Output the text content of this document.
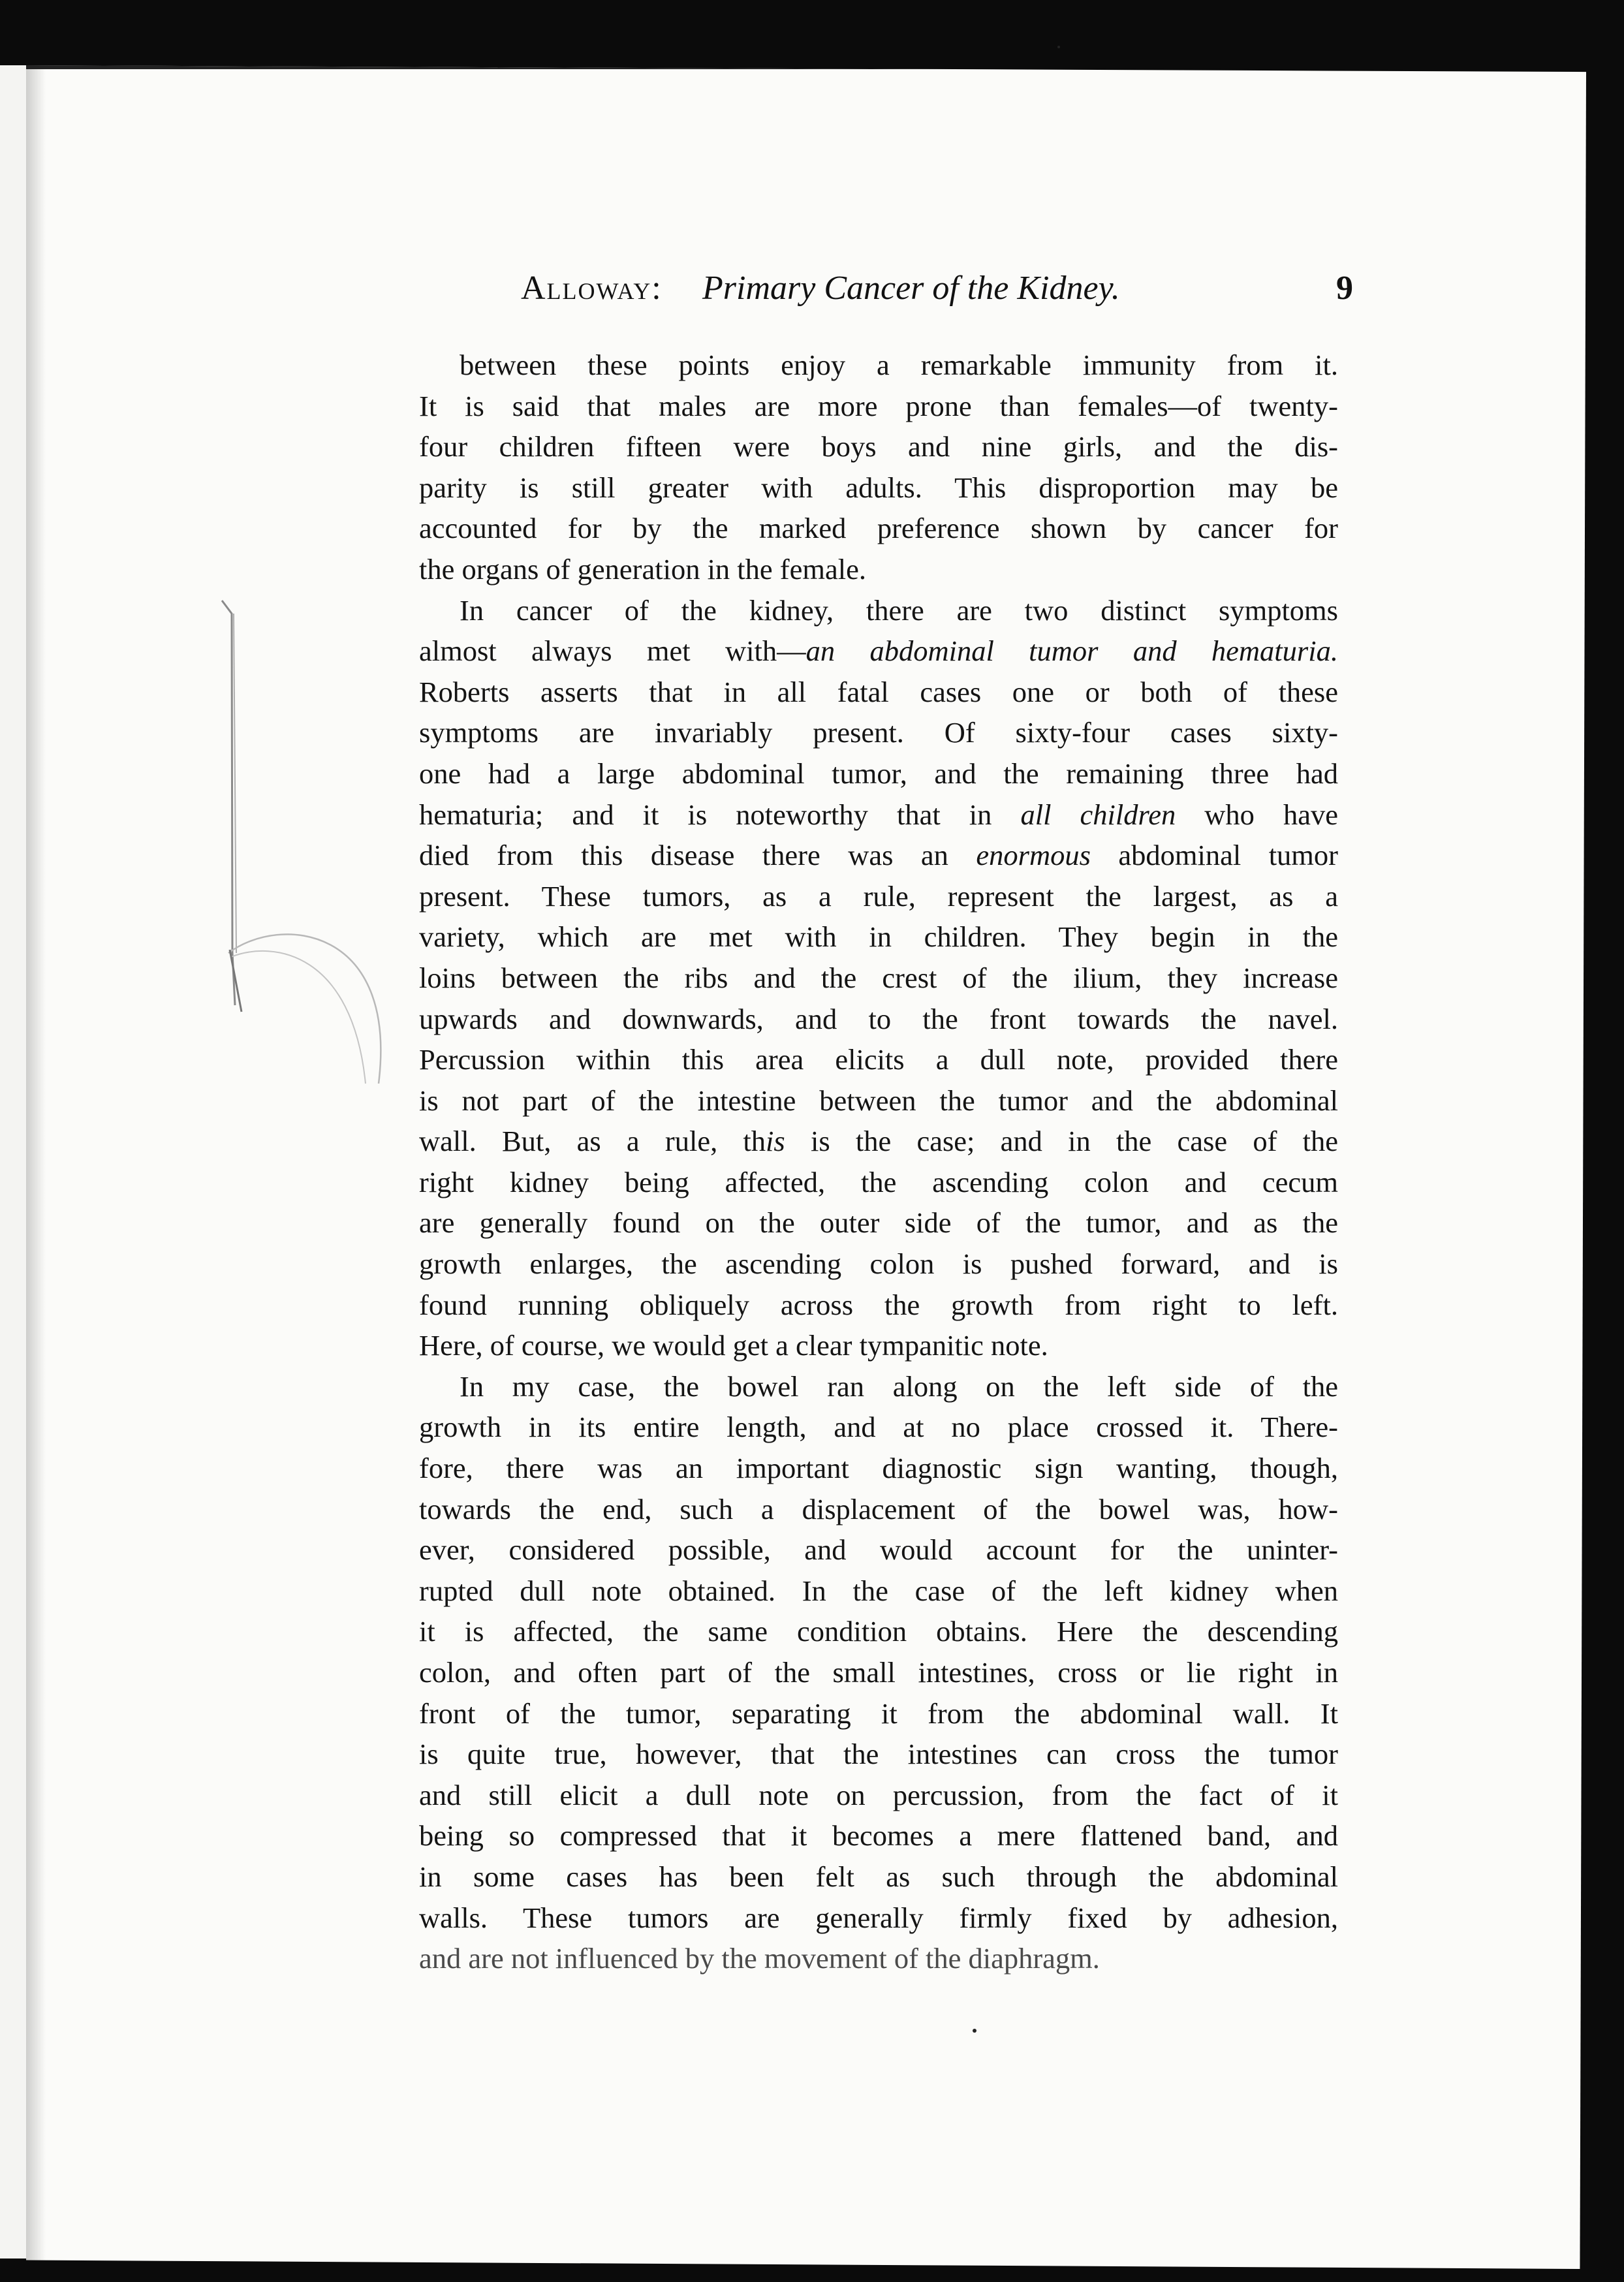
Alloway: Primary Cancer of the Kidney.	9
between these points enjoy a remarkable immunity from it.
It is said that males are more prone than females—of twenty-
four children fifteen were boys and nine girls, and the dis-
parity is still greater with adults. This disproportion may be
accounted for by the marked preference shown by cancer for
the organs of generation in the female.
In cancer of the kidney, there are two distinct symptoms
almost always met with—an abdominal tumor and hematuria.
Roberts asserts that in all fatal cases one or both of these
symptoms are invariably present. Of sixty-four cases sixty-
one had a large abdominal tumor, and the remaining three had
hematuria; and it is noteworthy that in all children who have
died from this disease there was an enormous abdominal tumor
present. These tumors, as a rule, represent the largest, as a
variety, which are met with in children. They begin in the
loins between the ribs and the crest of the ilium, they increase
upwards and downwards, and to the front towards the navel.
Percussion within this area elicits a dull note, provided there
is not part of the intestine between the tumor and the abdominal
wall. But, as a rule, this is the case; and in the case of the
right kidney being affected, the ascending colon and cecum
are generally found on the outer side of the tumor, and as the
growth enlarges, the ascending colon is pushed forward, and is
found running obliquely across the growth from right to left.
Here, of course, we would get a clear tympanitic note.
In my case, the bowel ran along on the left side of the
growth in its entire length, and at no place crossed it. There-
fore, there was an important diagnostic sign wanting, though,
towards the end, such a displacement of the bowel was, how-
ever, considered possible, and would account for the uninter-
rupted dull note obtained. In the case of the left kidney when
it is affected, the same condition obtains. Here the descending
colon, and often part of the small intestines, cross or lie right in
front of the tumor, separating it from the abdominal wall. It
is quite true, however, that the intestines can cross the tumor
and still elicit a dull note on percussion, from the fact of it
being so compressed that it becomes a mere flattened band, and
in some cases has been felt as such through the abdominal
walls. These tumors are generally firmly fixed by adhesion,
and are not influenced by the movement of the diaphragm.
